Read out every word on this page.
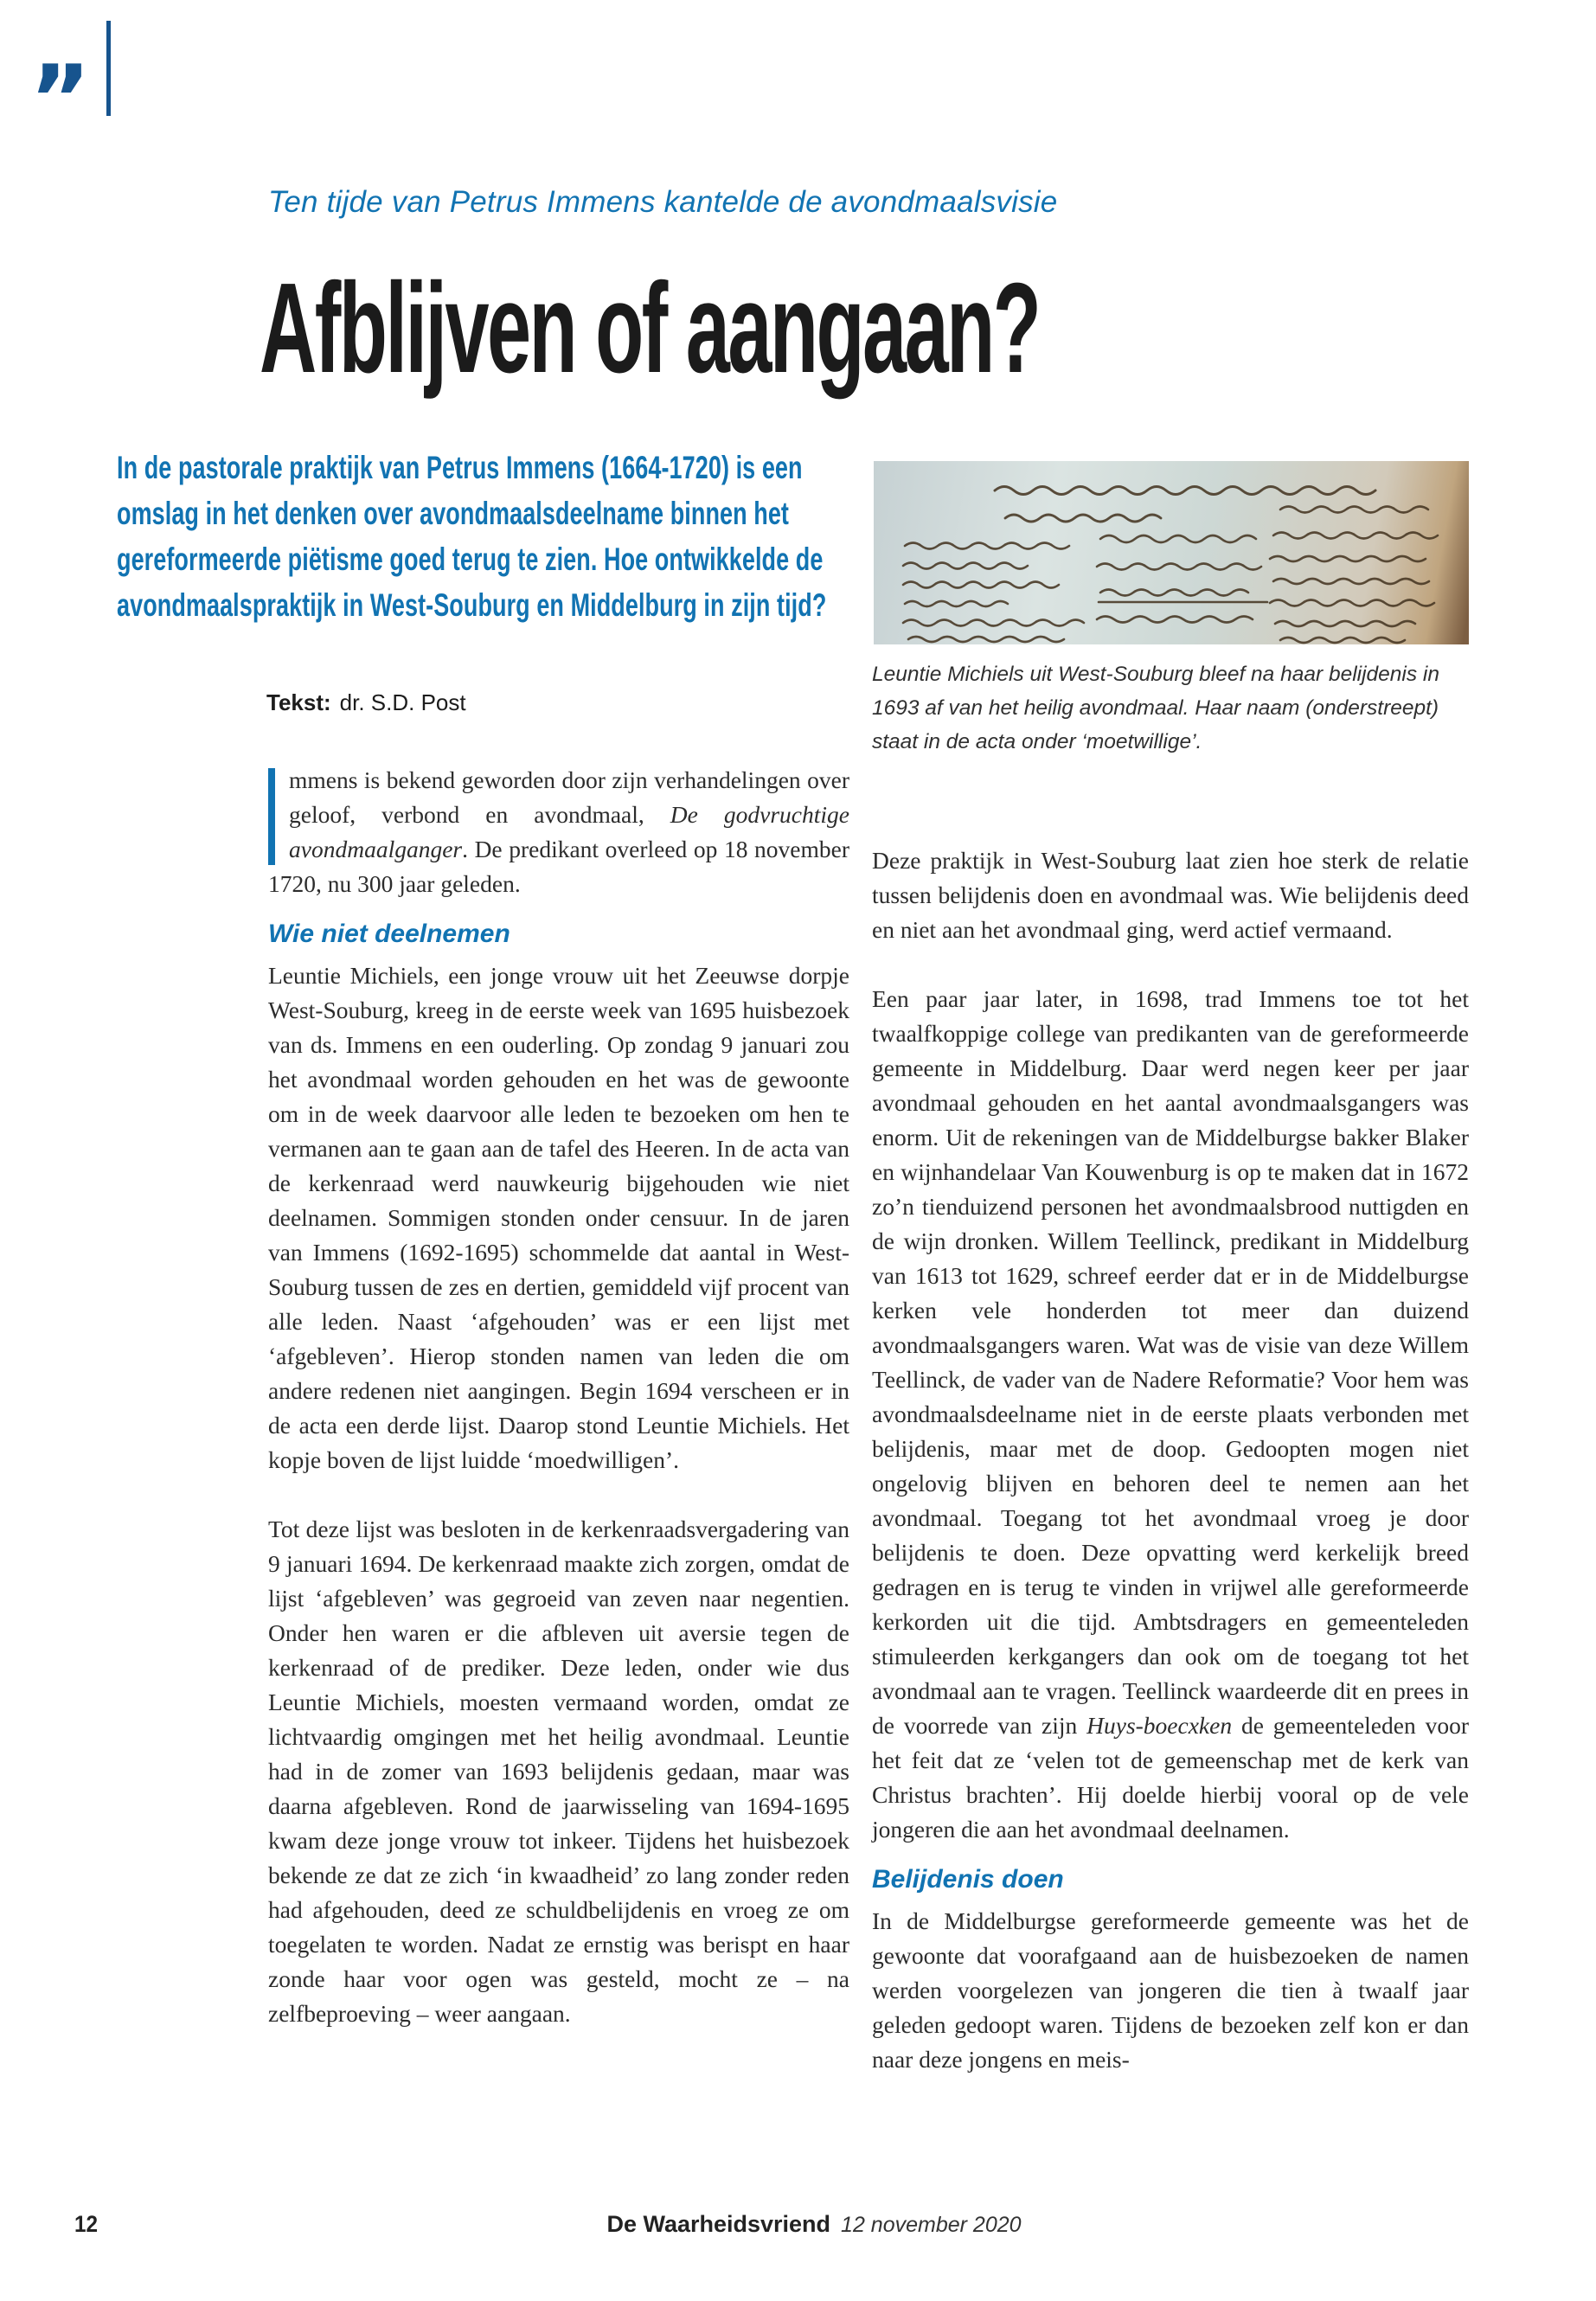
”
Ten tijde van Petrus Immens kantelde de avondmaalsvisie
Afblijven of aangaan?
In de pastorale praktijk van Petrus Immens (1664-1720) is een omslag in het denken over avondmaalsdeelname binnen het gereformeerde piëtisme goed terug te zien. Hoe ontwikkelde de avondmaalspraktijk in West-Souburg en Middelburg in zijn tijd?
Tekst: dr. S.D. Post
Leuntie Michiels uit West-Souburg bleef na haar belijdenis in 1693 af van het heilig avondmaal. Haar naam (onderstreept) staat in de acta onder ‘moetwillige’.

mmens is bekend geworden door zijn verhandelingen over geloof, verbond en avondmaal, De godvruchtige avondmaalganger. De predikant overleed op 18 november 1720, nu 300 jaar geleden.

Wie niet deelnemen

Leuntie Michiels, een jonge vrouw uit het Zeeuwse dorpje West-Souburg, kreeg in de eerste week van 1695 huisbezoek van ds. Immens en een ouderling. Op zondag 9 januari zou het avondmaal worden gehouden en het was de gewoonte om in de week daarvoor alle leden te bezoeken om hen te vermanen aan te gaan aan de tafel des Heeren. In de acta van de kerkenraad werd nauwkeurig bijgehouden wie niet deelnamen. Sommigen stonden onder censuur. In de jaren van Immens (1692-1695) schommelde dat aantal in West-Souburg tussen de zes en dertien, gemiddeld vijf procent van alle leden. Naast ‘afgehouden’ was er een lijst met ‘afgebleven’. Hierop stonden namen van leden die om andere redenen niet aangingen. Begin 1694 verscheen er in de acta een derde lijst. Daarop stond Leuntie Michiels. Het kopje boven de lijst luidde ‘moedwilligen’.

Tot deze lijst was besloten in de kerkenraadsvergadering van 9 januari 1694. De kerkenraad maakte zich zorgen, omdat de lijst ‘afgebleven’ was gegroeid van zeven naar negentien. Onder hen waren er die afbleven uit aversie tegen de kerkenraad of de prediker. Deze leden, onder wie dus Leuntie Michiels, moesten vermaand worden, omdat ze lichtvaardig omgingen met het heilig avondmaal. Leuntie had in de zomer van 1693 belijdenis gedaan, maar was daarna afgebleven. Rond de jaarwisseling van 1694-1695 kwam deze jonge vrouw tot inkeer. Tijdens het huisbezoek bekende ze dat ze zich ‘in kwaadheid’ zo lang zonder reden had afgehouden, deed ze schuldbelijdenis en vroeg ze om toegelaten te worden. Nadat ze ernstig was berispt en haar zonde haar voor ogen was gesteld, mocht ze – na zelfbeproeving – weer aangaan.

Deze praktijk in West-Souburg laat zien hoe sterk de relatie tussen belijdenis doen en avondmaal was. Wie belijdenis deed en niet aan het avondmaal ging, werd actief vermaand.

Een paar jaar later, in 1698, trad Immens toe tot het twaalfkoppige college van predikanten van de gereformeerde gemeente in Middelburg. Daar werd negen keer per jaar avondmaal gehouden en het aantal avondmaalsgangers was enorm. Uit de rekeningen van de Middelburgse bakker Blaker en wijnhandelaar Van Kouwenburg is op te maken dat in 1672 zo’n tienduizend personen het avondmaalsbrood nuttigden en de wijn dronken. Willem Teellinck, predikant in Middelburg van 1613 tot 1629, schreef eerder dat er in de Middelburgse kerken vele honderden tot meer dan duizend avondmaalsgangers waren. Wat was de visie van deze Willem Teellinck, de vader van de Nadere Reformatie? Voor hem was avondmaalsdeelname niet in de eerste plaats verbonden met belijdenis, maar met de doop. Gedoopten mogen niet ongelovig blijven en behoren deel te nemen aan het avondmaal. Toegang tot het avondmaal vroeg je door belijdenis te doen. Deze opvatting werd kerkelijk breed gedragen en is terug te vinden in vrijwel alle gereformeerde kerkorden uit die tijd. Ambtsdragers en gemeenteleden stimuleerden kerkgangers dan ook om de toegang tot het avondmaal aan te vragen. Teellinck waardeerde dit en prees in de voorrede van zijn Huys-boecxken de gemeenteleden voor het feit dat ze ‘velen tot de gemeenschap met de kerk van Christus brachten’. Hij doelde hierbij vooral op de vele jongeren die aan het avondmaal deelnamen.

Belijdenis doen

In de Middelburgse gereformeerde gemeente was het de gewoonte dat voorafgaand aan de huisbezoeken de namen werden voorgelezen van jongeren die tien à twaalf jaar geleden gedoopt waren. Tijdens de bezoeken zelf kon er dan naar deze jongens en meis-

12	De Waarheidsvriend 12 november 2020
